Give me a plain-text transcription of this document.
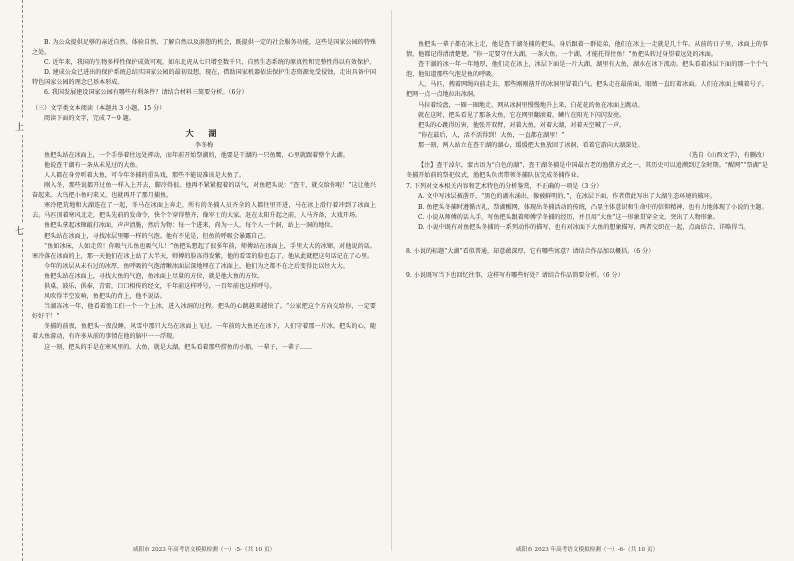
上
七

B. 为公众提供足够的亲近自然、体验自然、了解自然以及游憩的机会，既提供一定的社会服务功能，这些是国家公园的特殊之处。

C. 近年来，我国的生物多样性保护成效可观，如东北虎从七只增至数千只，自然生态系统的原真性和完整性得以有效保护。

D. 建成公众已进出的保护系统总结实国家公园的最初设想，现在，借助国家机器依法保护生态资源免受侵蚀，走出具备中国特色国家公园的理念已基本形成。

6. 我国发展建设国家公园有哪些有利条件？请结合材料三简要分析。（6分）

（三）文学类文本阅读（本题共 3 小题，15 分）

阅读下面的文字，完成 7～9 题。

大 湖
李冬梅

鱼把头站在冰面上，一个手举着往远处挥动，而年前开始祭湖的，他要是干湖的一只鱼鹰，心里就跟着整个大湖。

他说查干湖有一条从未见过的大鱼。

人人都在身旁听着大鱼，可今年冬捕的重头戏，那些不能说准该是大鱼了。

刚入冬，那些说都开过鱼一样入上开去，脚冷得很。他再不紧紧握着的话气，对鱼把头说：“查干，就交给你啦！”这让他兴奋起来。大鸟把小鱼叼来又，也就再开了那月捕鱼。

寒冷把荒地和大湖连在了一起，冬马在冰面上奔走，所有的冬捕人员齐全的人都往里开进，马在冰上滑行着冲到了冰面上去。马匹顶着寒风北走，把头先前的发命令，快个个穿得整齐，像军士的大家。赶在太阳升起之前，人马齐备，大戏开场。

鱼把头拿起冰镩敲打冰面，声声清脆，然后为物：每一个进来，尚为一人，每个人一个洞，站上一洞的地位。

把头站在冰面上，寻找冰层里哪一样的气泡。他有不见是，但鱼的呼吸会暴露自己。

“鱼如冰床，人如走兽！你吸气儿鱼也吸气儿！”鱼把头想起了很多年前，师傅站在冰面上，手里大大的冰镩，对他说的话。寒冷落在冰面的上，那一天他们在冰上站了大半天，师傅的脸冻得发紫，他的看雪的脸也忘了，他从此就把这句话记在了心里。

今年的冰层从未有过的冰厚，鱼呼吸的气泡清晰冰面层深地埋在了冰面上，他们为之都不在之后变得比以往大大。

鱼把头站在冰面上，寻找大鱼的气泡，鱼冰面上尽量的方位，就是他大鱼的方位。

供桌，鼓乐，供奉，青雷，口口相传的经文，千年前这样呼号，一百年前也这样呼号。

风吹得半空发响，鱼把头的背上，他不说话。

当湖冻冰一年，他看着渔工们一个一个上冰，进入冰洞的过程。把头的心跳越来越快了。“公家把这个方向交给你，一定要好好干！”

冬捕的前夜，鱼把头一夜没睡，风雪中那只大鸟在冰面上飞过。一年前的大鱼还在冰下，人们守着那一片冰。把头的心，随着大鱼游动，有许多从前的事情在他的脑中一一浮现。

这一刻，把头的手是在寒风里的。大鱼，就是大湖。把头看着那些捞鱼的小船，一辈子，一辈子……

咸阳市 2023 年高考语文模拟检测（一）-5-（共 10 页）

鱼把头一辈子都在冰上走，他是查干湖冬捕的把头，身后跟着一群徒弟，他们在冰上一走就是几十年。从前的日子里，冰面上的事情，他都记得清清楚楚。“你一定要守住大湖，一条大鱼，一个湖，才能托得住鱼！”鱼把头转过身望着远处的冰面。

查干湖的冰一年一年地厚，他们走在冰上，冰层下面是一片大湖，湖里有大鱼，湖水在冰下流动。把头看着冰层下面的那一个个气泡，他知道那些气泡是鱼的呼吸。

人，马匹，拽着网绳向前走去，那些刚刚凿开的冰洞里冒着白气。把头走在最前面，眼睛一直盯着冰面。人们在冰面上喊着号子，把网一点一点地拉出冰洞。

马拉着绞盘，一圈一圈地走，网从冰洞里慢慢地升上来，白花花的鱼在冰面上跳动。

就在这时，把头看见了那条大鱼，它在网里翻滚着，鳞片在阳光下闪闪发亮。

把头的心跳得厉害，他张开双臂，对着大鱼，对着大湖，对着天空喊了一声。

“你在最后，人，活不活得到！大鱼，一直都在湖里！”

那一刻，两人站立在查干湖的湖心，缓缓把大鱼放回了冰洞，看着它游向大湖深处。

（选自《山西文学》，有删改）

【注】查干淖尔，蒙古语为“白色的湖”，查干湖冬捕是中国最古老的渔猎方式之一，其历史可以追溯到辽金时期。“醒网”“祭湖”是冬捕开始前的祭祀仪式，渔把头负责带领冬捕队伍完成冬捕作业。

7. 下列对文本相关内容和艺术特色的分析鉴赏，不正确的一项是（3 分）

A. 文中写冰层被凿开，“黑色的湖水涌出，像被鲜明的、”，在冰层下面，作者借此写出了大湖生态环境的破坏。

B. 鱼把头冬捕时遵循古礼，祭湖醒网，体现出冬捕活动的传统，凸显主体意识和生命中的信仰精神，也有力地体现了小说的主题。

C. 小说从师傅的话入手，写鱼把头跟着师傅学冬捕的经历，并且用“大鱼”这一形象贯穿全文，突出了人物形象。

D. 小说中既有对鱼把头冬捕的一系列动作的描写，也有对冰面下大鱼的想象描写，两者交织在一起，点面结合，详略得当。

8. 小说的标题“大湖”看似普通，却意蕴深厚，它有哪些寓意？请结合作品加以概括。（6 分）

9. 小说既写当下也回忆往事，这样写有哪些好处？请结合作品简要分析。（6 分）

咸阳市 2023 年高考语文模拟检测（一）-6-（共 10 页）
